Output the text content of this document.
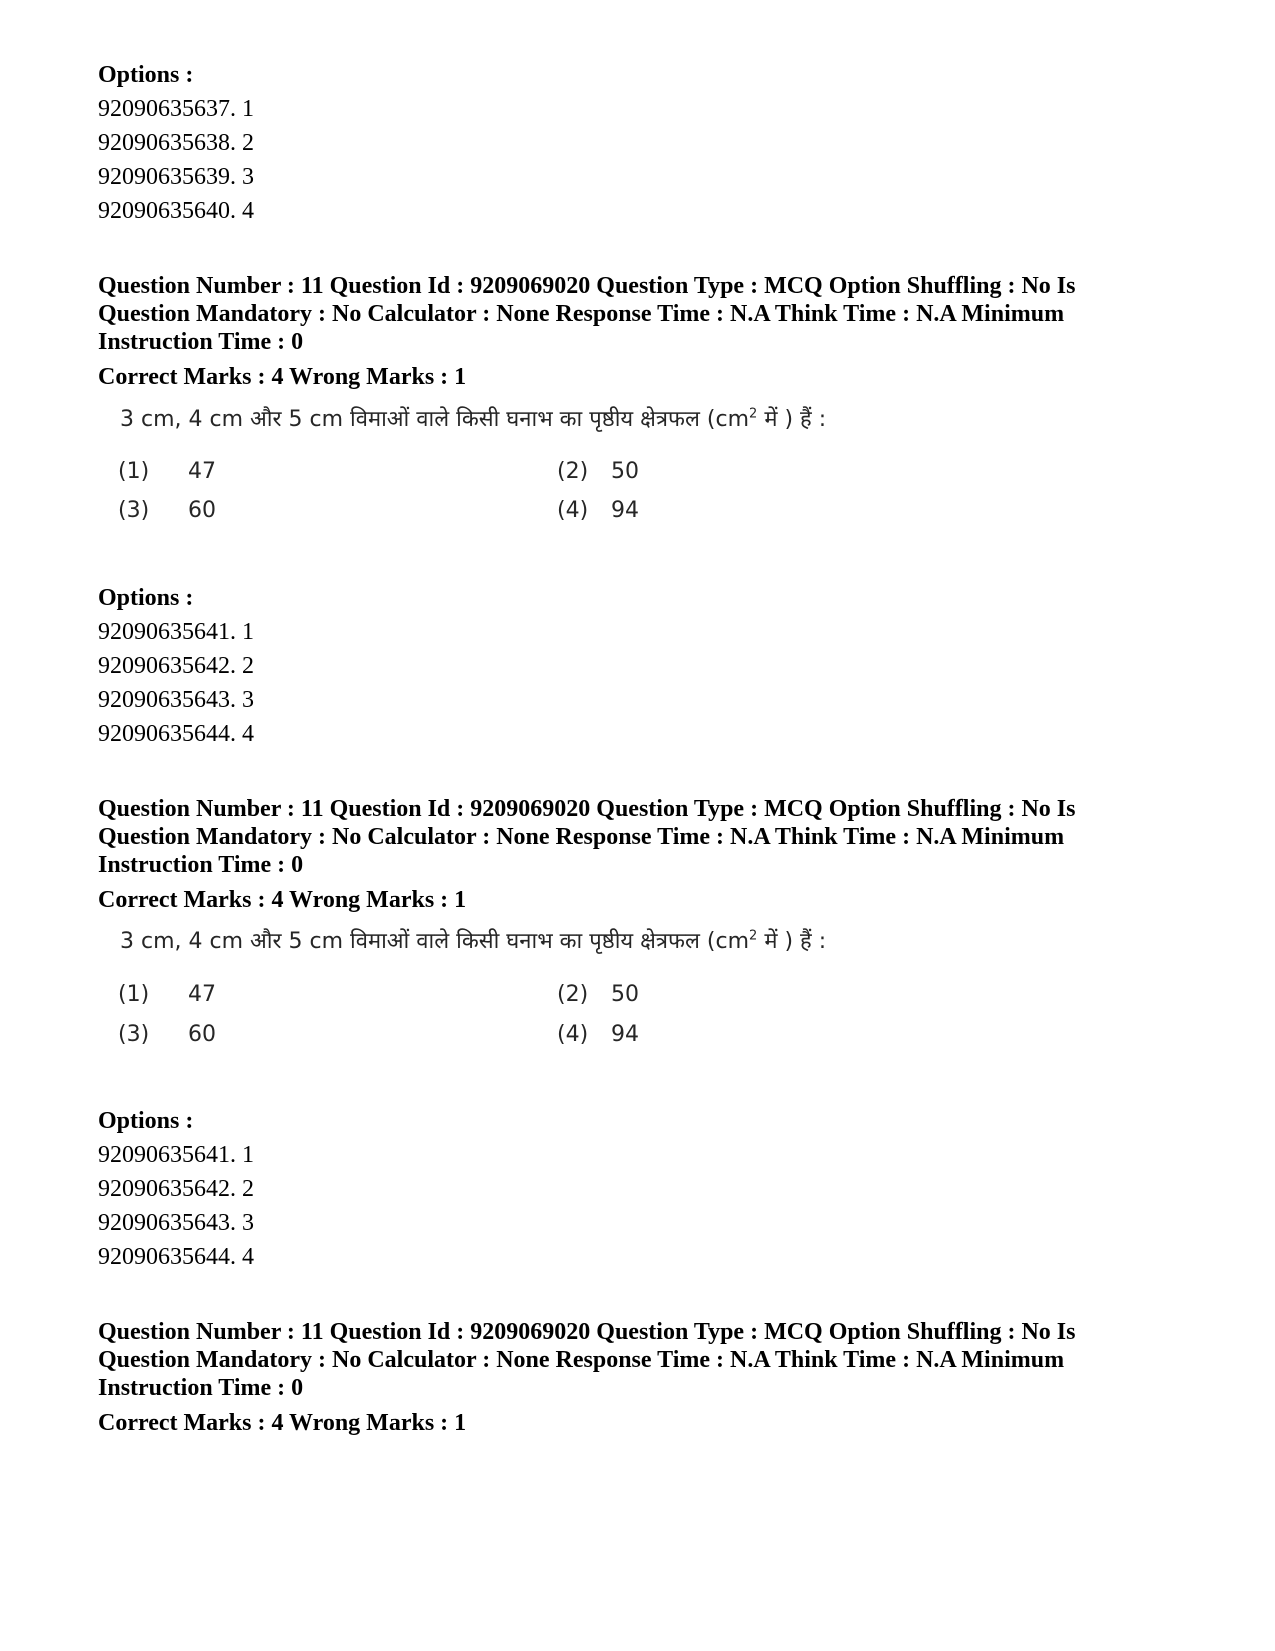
Options :
92090635637. 1
92090635638. 2
92090635639. 3
92090635640. 4
Question Number : 11 Question Id : 9209069020 Question Type : MCQ Option Shuffling : No Is
Question Mandatory : No Calculator : None Response Time : N.A Think Time : N.A Minimum
Instruction Time : 0
Correct Marks : 4 Wrong Marks : 1
3 cm, 4 cm और 5 cm विमाओं वाले किसी घनाभ का पृष्ठीय क्षेत्रफल ($cm^2$ में ) हैं :
(1) 47	(2) 50
(3) 60	(4) 94
Options :
92090635641. 1
92090635642. 2
92090635643. 3
92090635644. 4
Question Number : 11 Question Id : 9209069020 Question Type : MCQ Option Shuffling : No Is
Question Mandatory : No Calculator : None Response Time : N.A Think Time : N.A Minimum
Instruction Time : 0
Correct Marks : 4 Wrong Marks : 1
3 cm, 4 cm और 5 cm विमाओं वाले किसी घनाभ का पृष्ठीय क्षेत्रफल ($cm^2$ में ) हैं :
(1) 47	(2) 50
(3) 60	(4) 94
Options :
92090635641. 1
92090635642. 2
92090635643. 3
92090635644. 4
Question Number : 11 Question Id : 9209069020 Question Type : MCQ Option Shuffling : No Is
Question Mandatory : No Calculator : None Response Time : N.A Think Time : N.A Minimum
Instruction Time : 0
Correct Marks : 4 Wrong Marks : 1
